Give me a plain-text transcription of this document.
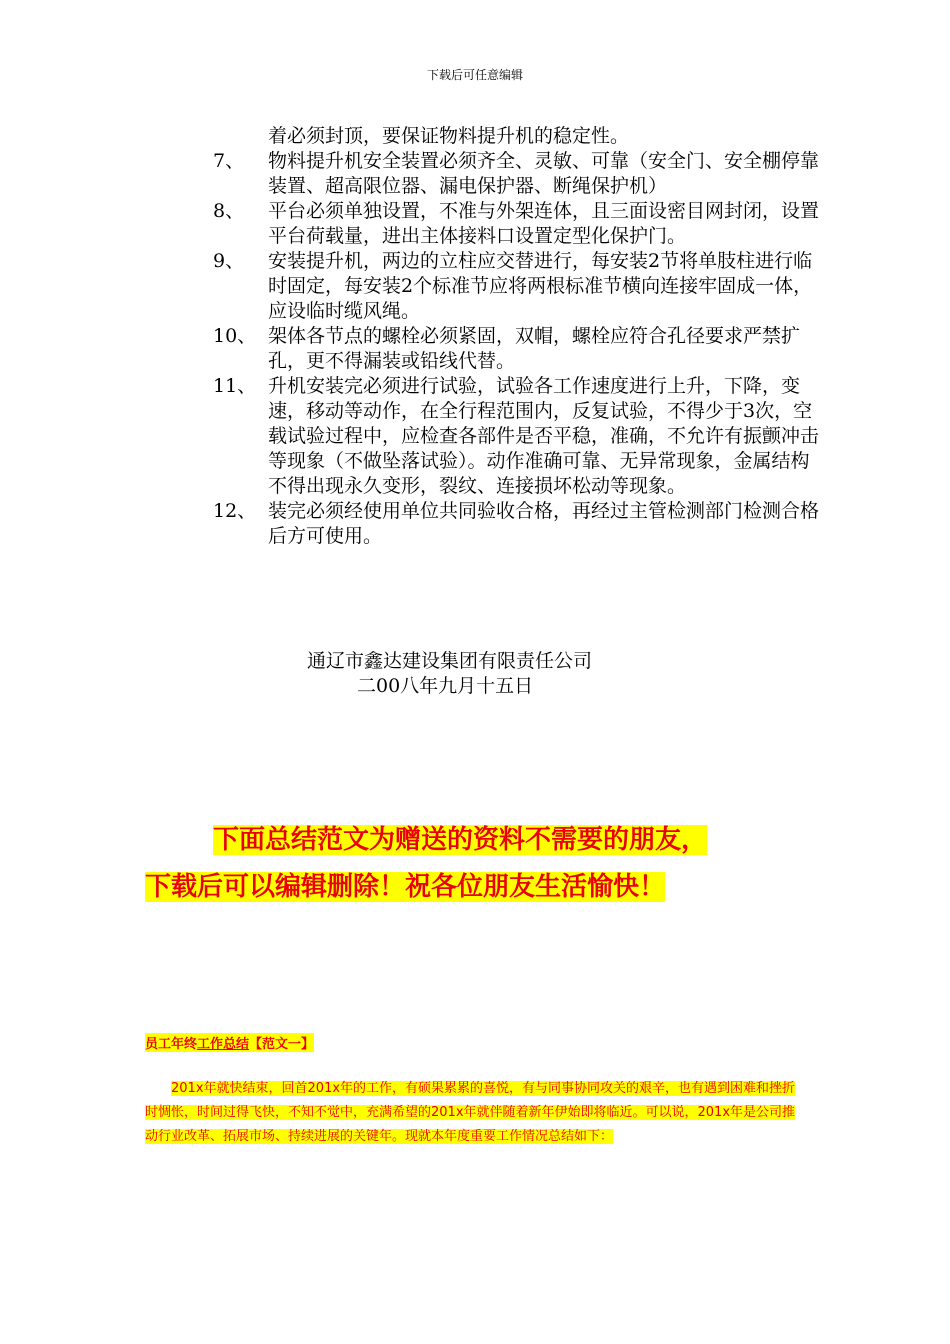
下载后可任意编辑
着必须封顶，要保证物料提升机的稳定性。
7、	物料提升机安全装置必须齐全、灵敏、可靠（安全门、安全棚停靠装置、超高限位器、漏电保护器、断绳保护机）
8、	平台必须单独设置，不准与外架连体，且三面设密目网封闭，设置平台荷载量，进出主体接料口设置定型化保护门。
9、	安装提升机，两边的立柱应交替进行，每安装2节将单肢柱进行临时固定，每安装2个标准节应将两根标准节横向连接牢固成一体，应设临时缆风绳。
10、 架体各节点的螺栓必须紧固，双帽，螺栓应符合孔径要求严禁扩孔，更不得漏装或铅线代替。
11、 升机安装完必须进行试验，试验各工作速度进行上升，下降，变速，移动等动作，在全行程范围内，反复试验，不得少于3次，空载试验过程中，应检查各部件是否平稳，准确，不允许有振颤冲击等现象（不做坠落试验）。动作准确可靠、无异常现象，金属结构不得出现永久变形，裂纹、连接损坏松动等现象。
12、 装完必须经使用单位共同验收合格，再经过主管检测部门检测合格后方可使用。
通辽市鑫达建设集团有限责任公司
二00八年九月十五日
下面总结范文为赠送的资料不需要的朋友，
下载后可以编辑删除！祝各位朋友生活愉快！
员工年终工作总结【范文一】
　　201x年就快结束，回首201x年的工作，有硕果累累的喜悦，有与同事协同攻关的艰辛，也有遇到困难和挫折时惆怅，时间过得飞快，不知不觉中，充满希望的201x年就伴随着新年伊始即将临近。可以说，201x年是公司推动行业改革、拓展市场、持续进展的关键年。现就本年度重要工作情况总结如下：
